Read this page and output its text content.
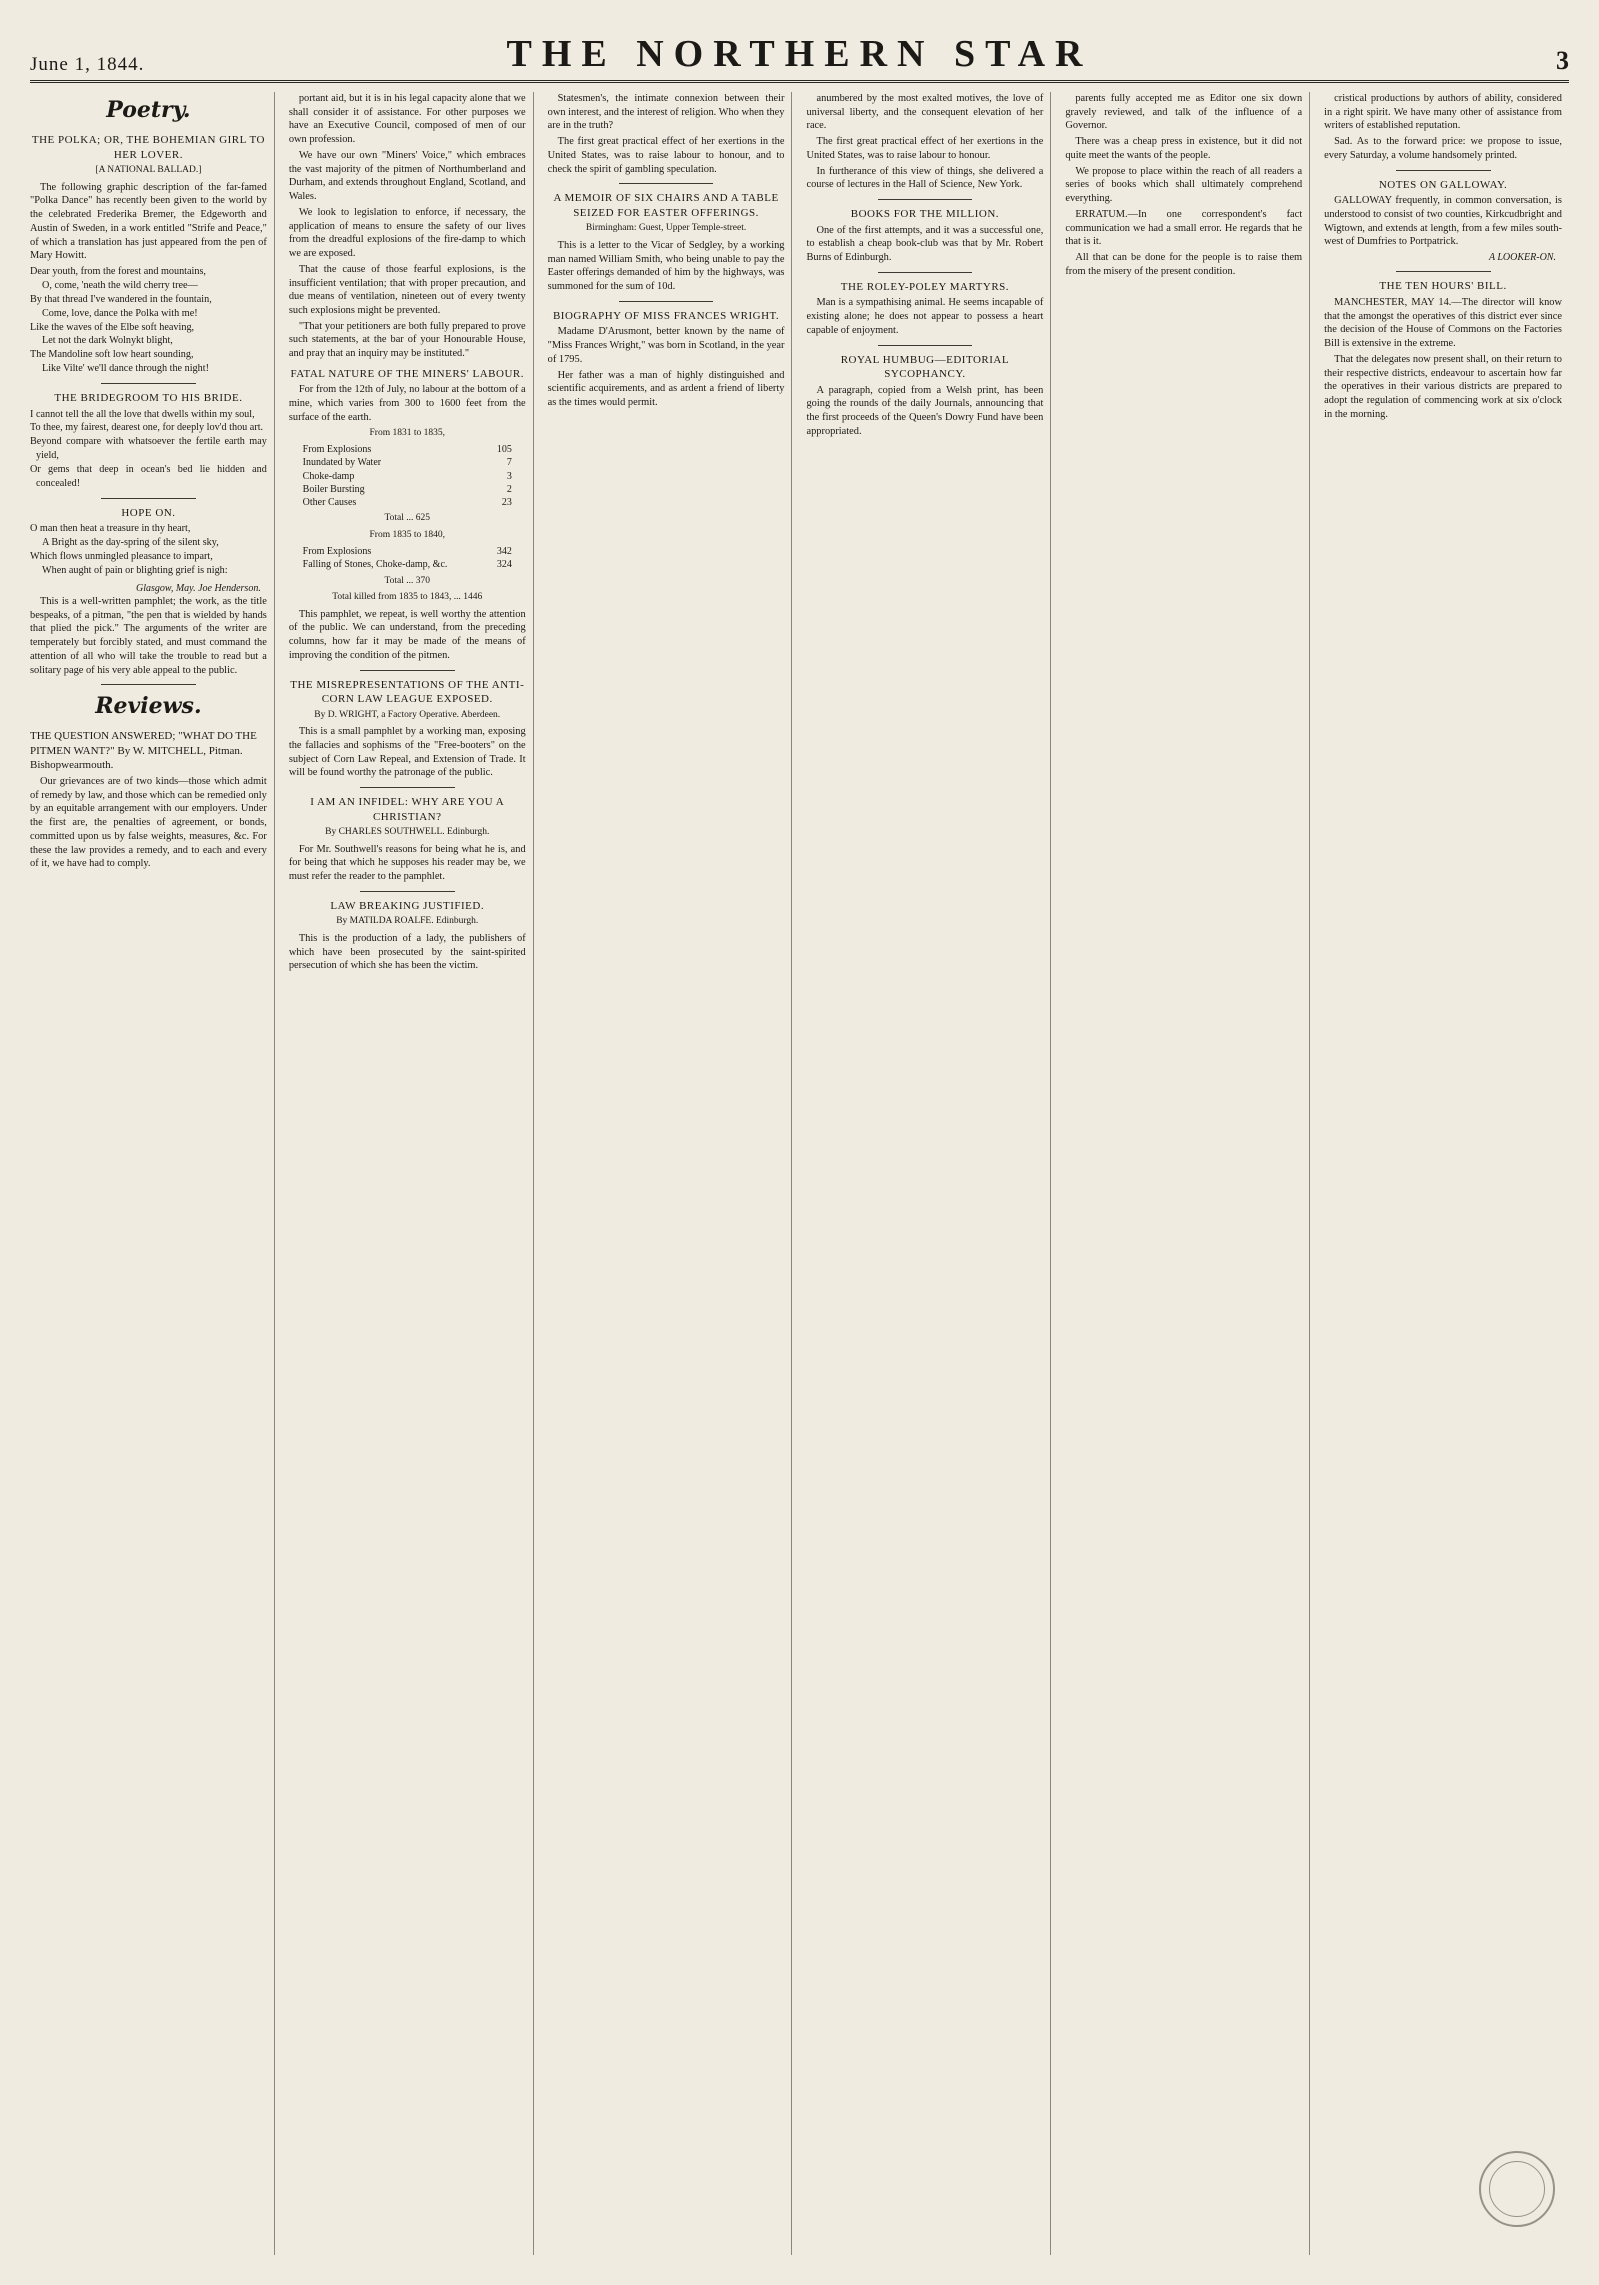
June 1, 1844.	THE NORTHERN STAR	3
Poetry.
THE POLKA; OR, THE BOHEMIAN GIRL TO HER LOVER.
[A NATIONAL BALLAD.]

The following graphic description of the far-famed "Polka Dance" has recently been given to the world by the celebrated Frederika Bremer, the Edgeworth and Austin of Sweden, in a work entitled "Strife and Peace," of which a translation has just appeared from the pen of Mary Howitt.

Dear youth, from the forest and mountains,
O, come, 'neath the wild cherry tree—
By that thread I've wandered in the fountain,
Come, love, dance the Polka with me!
Like the waves of the Elbe soft heaving,
Let not the dark Wolnykt blight,
The Mandoline soft low heart sounding,
Like Vilte' we'll dance through the night!
THE BRIDEGROOM TO HIS BRIDE.
I cannot tell the all the love that dwells within my soul,
To thee, my fairest, dearest one, for deeply lov'd thou art.
Beyond compare with whatsoever the fertile earth may yield,
Or gems that deep in ocean's bed lie hidden and concealed!
HOPE ON.
O man then heat a treasure in thy heart,
A Bright as the day-spring of the silent sky,
Which flows unmingled pleasance to impart,
When aught of pain or blighting grief is nigh:
Glasgow, May. Joe Henderson.

This is a well-written pamphlet; the work, as the title bespeaks, of a pitman, "the pen that is wielded by hands that plied the pick." The arguments of the writer are temperately but forcibly stated, and must command the attention of all who will take the trouble to read but a solitary page of his very able appeal to the public.

Reviews.
THE QUESTION ANSWERED; "WHAT DO THE PITMEN WANT?" By W. MITCHELL, Pitman. Bishopwearmouth.

Our grievances are of two kinds—those which admit of remedy by law, and those which can be remedied only by an equitable arrangement with our employers. Under the first are, the penalties of agreement, or bonds, committed upon us by false weights, measures, &c. For these the law provides a remedy, and to each and every of it, we have had to comply.

portant aid, but it is in his legal capacity alone that we shall consider it of assistance. For other purposes we have an Executive Council, composed of men of our own profession.

We have our own "Miners' Voice," which embraces the vast majority of the pitmen of Northumberland and Durham, and extends throughout England, Scotland, and Wales.

We look to legislation to enforce, if necessary, the application of means to ensure the safety of our lives from the dreadful explosions of the fire-damp to which we are exposed.

That the cause of those fearful explosions, is the insufficient ventilation; that with proper precaution, and due means of ventilation, nineteen out of every twenty such explosions might be prevented.

"That your petitioners are both fully prepared to prove such statements, at the bar of your Honourable House, and pray that an inquiry may be instituted."

FATAL NATURE OF THE MINERS' LABOUR.

For from the 12th of July, no labour at the bottom of a mine, which varies from 300 to 1600 feet from the surface of the earth.

From 1831 to 1835,
From Explosions	105
Inundated by Water	7
Choke-damp	3
Boiler Bursting	2
Other Causes	23
Total ... 625
From 1835 to 1840,
From Explosions	342
Falling of Stones, Choke-damp, &c.	324
Total ... 370
Total killed from 1835 to 1843, ... 1446

This pamphlet, we repeat, is well worthy the attention of the public. We can understand, from the preceding columns, how far it may be made of the means of improving the condition of the pitmen.

THE MISREPRESENTATIONS OF THE ANTI-CORN LAW LEAGUE EXPOSED.
By D. WRIGHT, a Factory Operative. Aberdeen.

This is a small pamphlet by a working man, exposing the fallacies and sophisms of the "Free-booters" on the subject of Corn Law Repeal, and Extension of Trade. It will be found worthy the patronage of the public.

I AM AN INFIDEL: WHY ARE YOU A CHRISTIAN?
By CHARLES SOUTHWELL. Edinburgh.

For Mr. Southwell's reasons for being what he is, and for being that which he supposes his reader may be, we must refer the reader to the pamphlet.

LAW BREAKING JUSTIFIED.
By MATILDA ROALFE. Edinburgh.

This is the production of a lady, the publishers of which have been prosecuted by the saint-spirited persecution of which she has been the victim.

Statesmen's, the intimate connexion between their own interest, and the interest of religion. Who when they are in the truth?

The first great practical effect of her exertions in the United States, was to raise labour to honour, and to check the spirit of gambling speculation.

A MEMOIR OF SIX CHAIRS AND A TABLE SEIZED FOR EASTER OFFERINGS.
Birmingham: Guest, Upper Temple-street.

This is a letter to the Vicar of Sedgley, by a working man named William Smith, who being unable to pay the Easter offerings demanded of him by the highways, was summoned for the sum of 10d.

BIOGRAPHY OF MISS FRANCES WRIGHT.

Madame D'Arusmont, better known by the name of "Miss Frances Wright," was born in Scotland, in the year of 1795.

Her father was a man of highly distinguished and scientific acquirements, and as ardent a friend of liberty as the times would permit.

anumbered by the most exalted motives, the love of universal liberty, and the consequent elevation of her race.

The first great practical effect of her exertions in the United States, was to raise labour to honour.

In furtherance of this view of things, she delivered a course of lectures in the Hall of Science, New York.

BOOKS FOR THE MILLION.

One of the first attempts, and it was a successful one, to establish a cheap book-club was that by Mr. Robert Burns of Edinburgh.

THE ROLEY-POLEY MARTYRS.

Man is a sympathising animal. He seems incapable of existing alone; he does not appear to possess a heart capable of enjoyment.

ROYAL HUMBUG—EDITORIAL SYCOPHANCY.

A paragraph, copied from a Welsh print, has been going the rounds of the daily Journals, announcing that the first proceeds of the Queen's Dowry Fund have been appropriated.

parents fully accepted me as Editor one six down gravely reviewed, and talk of the influence of a Governor.

There was a cheap press in existence, but it did not quite meet the wants of the people.

We propose to place within the reach of all readers a series of books which shall ultimately comprehend everything.

ERRATUM.—In one correspondent's fact communication we had a small error. He regards that he that is it.

All that can be done for the people is to raise them from the misery of the present condition.

cristical productions by authors of ability, considered in a right spirit. We have many other of assistance from writers of established reputation.

Sad. As to the forward price: we propose to issue, every Saturday, a volume handsomely printed.

NOTES ON GALLOWAY.

GALLOWAY frequently, in common conversation, is understood to consist of two counties, Kirkcudbright and Wigtown, and extends at length, from a few miles south-west of Dumfries to Portpatrick.

A LOOKER-ON.
THE TEN HOURS' BILL.

MANCHESTER, MAY 14.—The director will know that the amongst the operatives of this district ever since the decision of the House of Commons on the Factories Bill is extensive in the extreme.

That the delegates now present shall, on their return to their respective districts, endeavour to ascertain how far the operatives in their various districts are prepared to adopt the regulation of commencing work at six o'clock in the morning.
